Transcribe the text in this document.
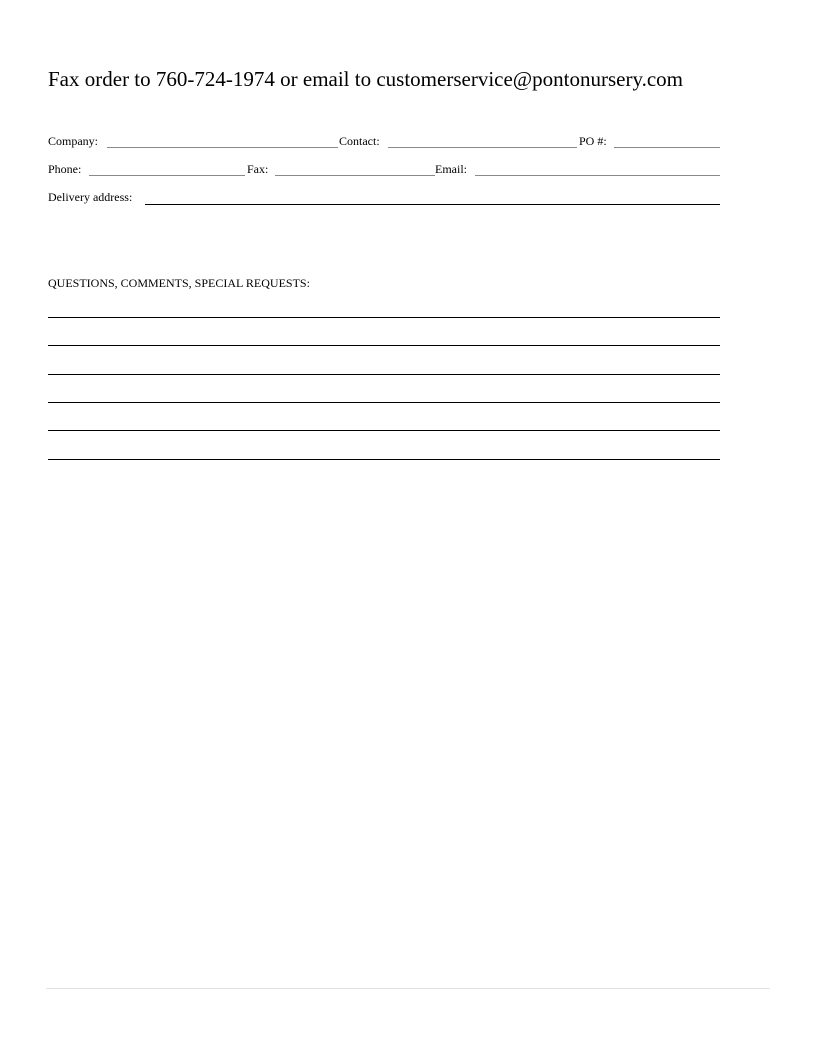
Fax order to 760-724-1974 or email to customerservice@pontonursery.com
Company:	Contact:	PO #:
Phone:	Fax:	Email:
Delivery address:
QUESTIONS, COMMENTS, SPECIAL REQUESTS:
